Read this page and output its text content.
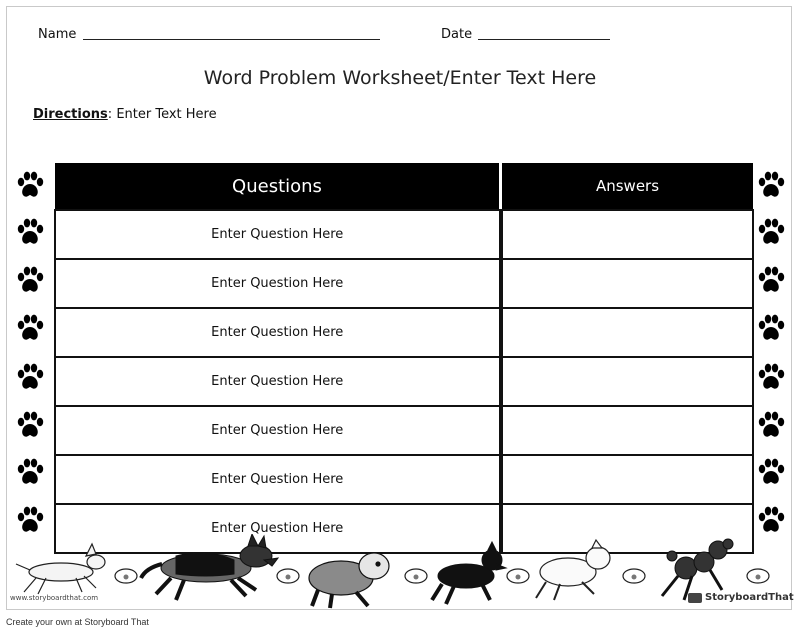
Name	Date
Word Problem Worksheet/Enter Text Here
Directions: Enter Text Here
Questions	Answers
Enter Question Here	
Enter Question Here	
Enter Question Here	
Enter Question Here	
Enter Question Here	
Enter Question Here	
Enter Question Here	
www.storyboardthat.com	StoryboardThat
Create your own at Storyboard That
